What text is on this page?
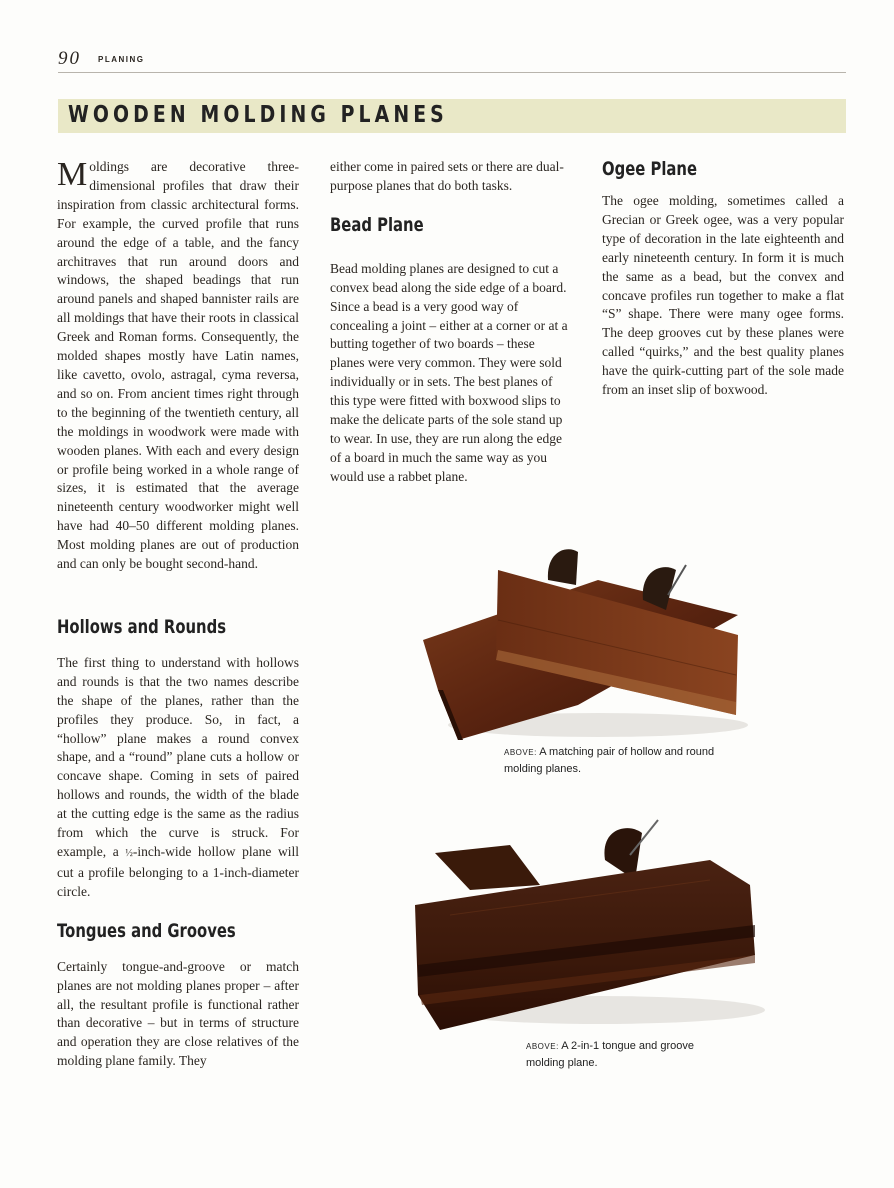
90 PLANING
WOODEN MOLDING PLANES

Moldings are decorative three-dimensional profiles that draw their inspiration from classic architectural forms. For example, the curved profile that runs around the edge of a table, and the fancy architraves that run around doors and windows, the shaped beadings that run around panels and shaped bannister rails are all moldings that have their roots in classical Greek and Roman forms. Consequently, the molded shapes mostly have Latin names, like cavetto, ovolo, astragal, cyma reversa, and so on. From ancient times right through to the beginning of the twentieth century, all the moldings in woodwork were made with wooden planes. With each and every design or profile being worked in a whole range of sizes, it is estimated that the average nineteenth century woodworker might well have had 40–50 different molding planes. Most molding planes are out of production and can only be bought second-hand.

Hollows and Rounds

The first thing to understand with hollows and rounds is that the two names describe the shape of the planes, rather than the profiles they produce. So, in fact, a “hollow” plane makes a round convex shape, and a “round” plane cuts a hollow or concave shape. Coming in sets of paired hollows and rounds, the width of the blade at the cutting edge is the same as the radius from which the curve is struck. For example, a ½-inch-wide hollow plane will cut a profile belonging to a 1-inch-diameter circle.

Tongues and Grooves

Certainly tongue-and-groove or match planes are not molding planes proper – after all, the resultant profile is functional rather than decorative – but in terms of structure and operation they are close relatives of the molding plane family. They

either come in paired sets or there are dual-purpose planes that do both tasks.

Bead Plane

Bead molding planes are designed to cut a convex bead along the side edge of a board. Since a bead is a very good way of concealing a joint – either at a corner or at a butting together of two boards – these planes were very common. They were sold individually or in sets. The best planes of this type were fitted with boxwood slips to make the delicate parts of the sole stand up to wear. In use, they are run along the edge of a board in much the same way as you would use a rabbet plane.

Ogee Plane

The ogee molding, sometimes called a Grecian or Greek ogee, was a very popular type of decoration in the late eighteenth and early nineteenth century. In form it is much the same as a bead, but the convex and concave profiles run together to make a flat “S” shape. There were many ogee forms. The deep grooves cut by these planes were called “quirks,” and the best quality planes have the quirk-cutting part of the sole made from an inset slip of boxwood.

ABOVE: A matching pair of hollow and round molding planes.
ABOVE: A 2-in-1 tongue and groove molding plane.
